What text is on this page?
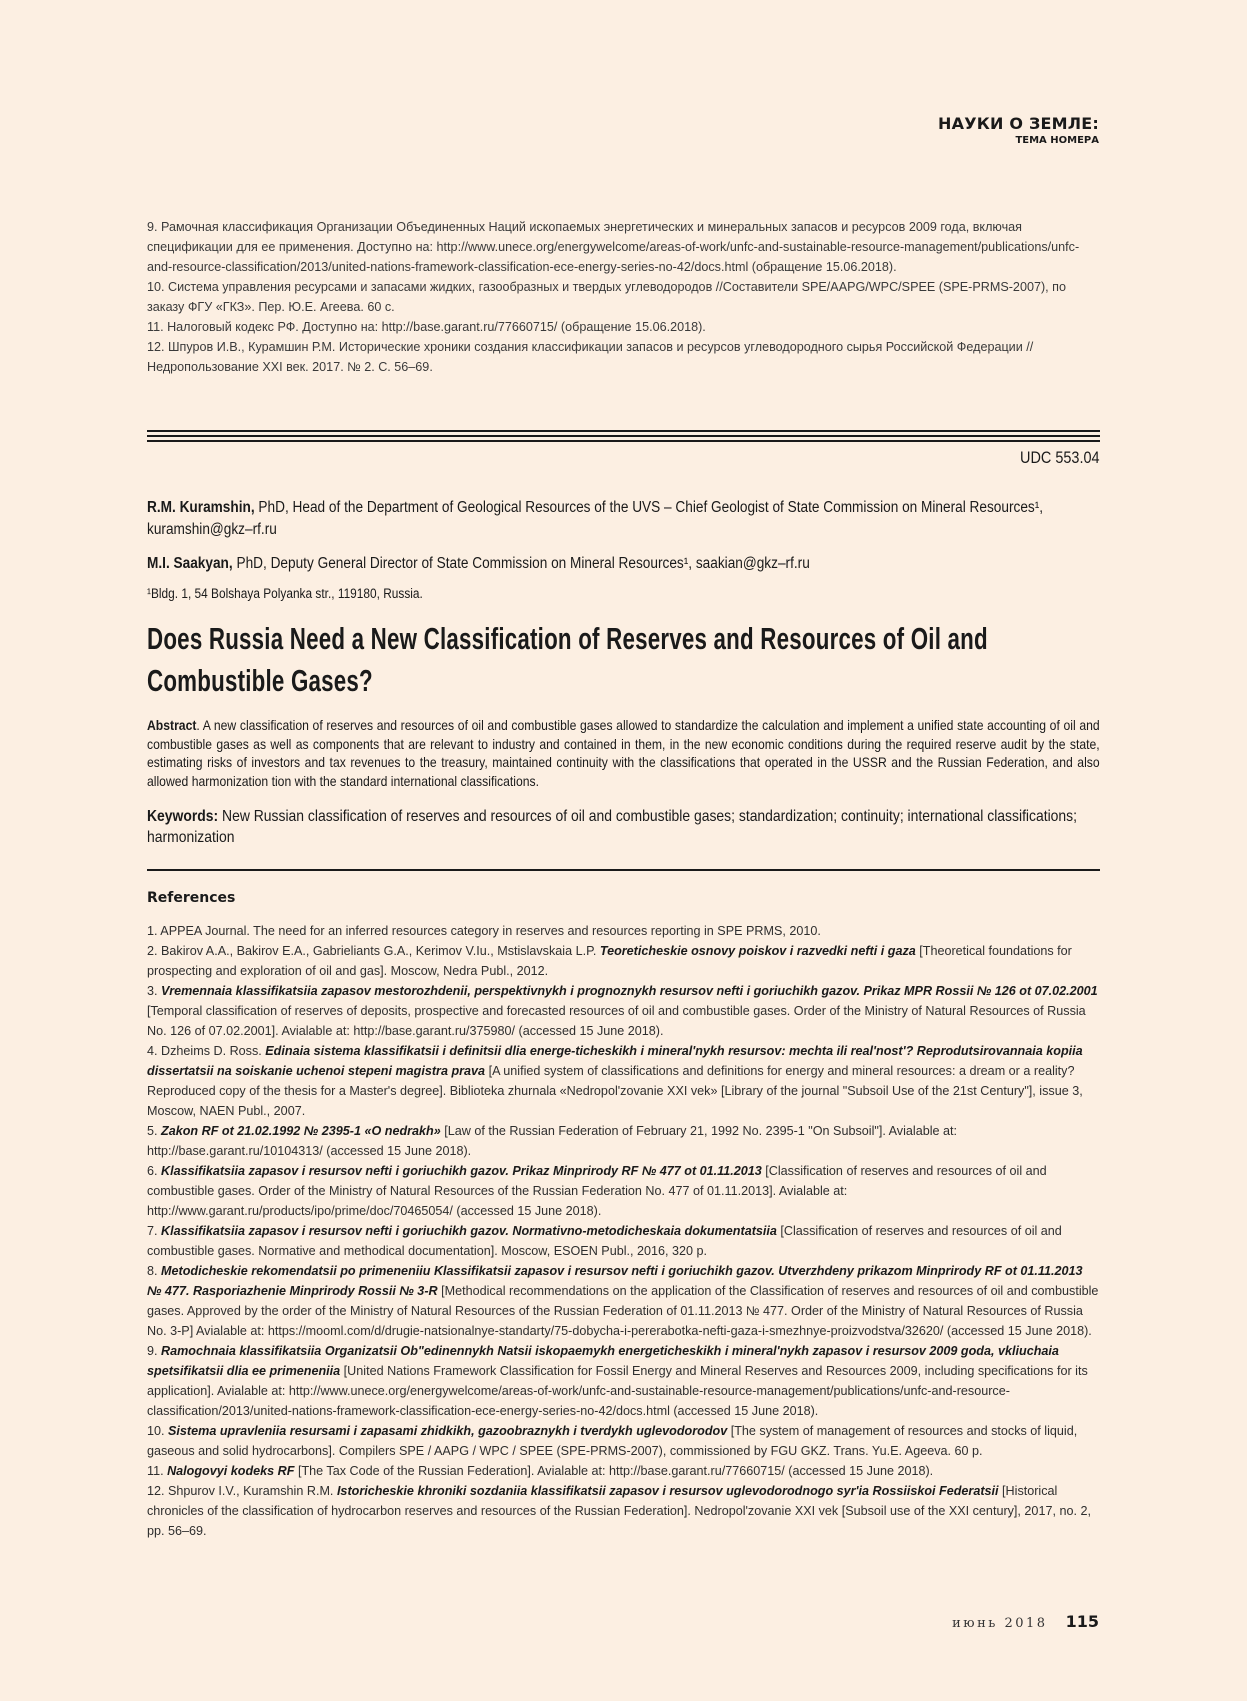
НАУКИ О ЗЕМЛЕ:
ТЕМА НОМЕРА

9. Рамочная классификация Организации Объединенных Наций ископаемых энергетических и минеральных запасов и ресурсов 2009 года, включая спецификации для ее применения. Доступно на: http://www.unece.org/energywelcome/areas-of-work/unfc-and-sustainable-resource-management/publications/unfc-and-resource-classification/2013/united-nations-framework-classification-ece-energy-series-no-42/docs.html (обращение 15.06.2018).

10. Система управления ресурсами и запасами жидких, газообразных и твердых углеводородов //Составители SPE/AAPG/WPC/SPEE (SPE-PRMS-2007), по заказу ФГУ «ГКЗ». Пер. Ю.Е. Агеева. 60 с.

11. Налоговый кодекс РФ. Доступно на: http://base.garant.ru/77660715/ (обращение 15.06.2018).

12. Шпуров И.В., Курамшин Р.М. Исторические хроники создания классификации запасов и ресурсов углеводородного сырья Российской Федерации //Недропользование XXI век. 2017. № 2. С. 56–69.

UDC 553.04

R.M. Kuramshin, PhD, Head of the Department of Geological Resources of the UVS – Chief Geologist of State Commission on Mineral Resources¹, kuramshin@gkz–rf.ru

M.I. Saakyan, PhD, Deputy General Director of State Commission on Mineral Resources¹, saakian@gkz–rf.ru

¹Bldg. 1, 54 Bolshaya Polyanka str., 119180, Russia.

Does Russia Need a New Classification of Reserves and Resources of Oil and Combustible Gases?
Abstract. A new classification of reserves and resources of oil and combustible gases allowed to standardize the calculation and implement a unified state accounting of oil and combustible gases as well as components that are relevant to industry and contained in them, in the new economic conditions during the required reserve audit by the state, estimating risks of investors and tax revenues to the treasury, maintained continuity with the classifications that operated in the USSR and the Russian Federation, and also allowed harmonization tion with the standard international classifications.
Keywords: New Russian classification of reserves and resources of oil and combustible gases; standardization; continuity; international classifications; harmonization
References

1. APPEA Journal. The need for an inferred resources category in reserves and resources reporting in SPE PRMS, 2010.

2. Bakirov A.A., Bakirov E.A., Gabrieliants G.A., Kerimov V.Iu., Mstislavskaia L.P. Teoreticheskie osnovy poiskov i razvedki nefti i gaza [Theoretical foundations for prospecting and exploration of oil and gas]. Moscow, Nedra Publ., 2012.

3. Vremennaia klassifikatsiia zapasov mestorozhdenii, perspektivnykh i prognoznykh resursov nefti i goriuchikh gazov. Prikaz MPR Rossii № 126 ot 07.02.2001 [Temporal classification of reserves of deposits, prospective and forecasted resources of oil and combustible gases. Order of the Ministry of Natural Resources of Russia No. 126 of 07.02.2001]. Avialable at: http://base.garant.ru/375980/ (accessed 15 June 2018).

4. Dzheims D. Ross. Edinaia sistema klassifikatsii i definitsii dlia energe-ticheskikh i mineral'nykh resursov: mechta ili real'nost'? Reprodutsirovannaia kopiia dissertatsii na soiskanie uchenoi stepeni magistra prava [A unified system of classifications and definitions for energy and mineral resources: a dream or a reality? Reproduced copy of the thesis for a Master's degree]. Biblioteka zhurnala «Nedropol'zovanie XXI vek» [Library of the journal "Subsoil Use of the 21st Century"], issue 3, Moscow, NAEN Publ., 2007.

5. Zakon RF ot 21.02.1992 № 2395-1 «O nedrakh» [Law of the Russian Federation of February 21, 1992 No. 2395-1 "On Subsoil"]. Avialable at: http://base.garant.ru/10104313/ (accessed 15 June 2018).

6. Klassifikatsiia zapasov i resursov nefti i goriuchikh gazov. Prikaz Minprirody RF № 477 ot 01.11.2013 [Classification of reserves and resources of oil and combustible gases. Order of the Ministry of Natural Resources of the Russian Federation No. 477 of 01.11.2013]. Avialable at: http://www.garant.ru/products/ipo/prime/doc/70465054/ (accessed 15 June 2018).

7. Klassifikatsiia zapasov i resursov nefti i goriuchikh gazov. Normativno-metodicheskaia dokumentatsiia [Classification of reserves and resources of oil and combustible gases. Normative and methodical documentation]. Moscow, ESOEN Publ., 2016, 320 p.

8. Metodicheskie rekomendatsii po primeneniiu Klassifikatsii zapasov i resursov nefti i goriuchikh gazov. Utverzhdeny prikazom Minprirody RF ot 01.11.2013 № 477. Rasporiazhenie Minprirody Rossii № 3-R [Methodical recommendations on the application of the Classification of reserves and resources of oil and combustible gases. Approved by the order of the Ministry of Natural Resources of the Russian Federation of 01.11.2013 № 477. Order of the Ministry of Natural Resources of Russia No. 3-P] Avialable at: https://mooml.com/d/drugie-natsionalnye-standarty/75-dobycha-i-pererabotka-nefti-gaza-i-smezhnye-proizvodstva/32620/ (accessed 15 June 2018).

9. Ramochnaia klassifikatsiia Organizatsii Ob"edinennykh Natsii iskopaemykh energeticheskikh i mineral'nykh zapasov i resursov 2009 goda, vkliuchaia spetsifikatsii dlia ee primeneniia [United Nations Framework Classification for Fossil Energy and Mineral Reserves and Resources 2009, including specifications for its application]. Avialable at: http://www.unece.org/energywelcome/areas-of-work/unfc-and-sustainable-resource-management/publications/unfc-and-resource-classification/2013/united-nations-framework-classification-ece-energy-series-no-42/docs.html (accessed 15 June 2018).

10. Sistema upravleniia resursami i zapasami zhidkikh, gazoobraznykh i tverdykh uglevodorodov [The system of management of resources and stocks of liquid, gaseous and solid hydrocarbons]. Compilers SPE / AAPG / WPC / SPEE (SPE-PRMS-2007), commissioned by FGU GKZ. Trans. Yu.E. Ageeva. 60 p.

11. Nalogovyi kodeks RF [The Tax Code of the Russian Federation]. Avialable at: http://base.garant.ru/77660715/ (accessed 15 June 2018).

12. Shpurov I.V., Kuramshin R.M. Istoricheskie khroniki sozdaniia klassifikatsii zapasov i resursov uglevodorodnogo syr'ia Rossiiskoi Federatsii [Historical chronicles of the classification of hydrocarbon reserves and resources of the Russian Federation]. Nedropol'zovanie XXI vek [Subsoil use of the XXI century], 2017, no. 2, pp. 56–69.

июнь 2018 115
